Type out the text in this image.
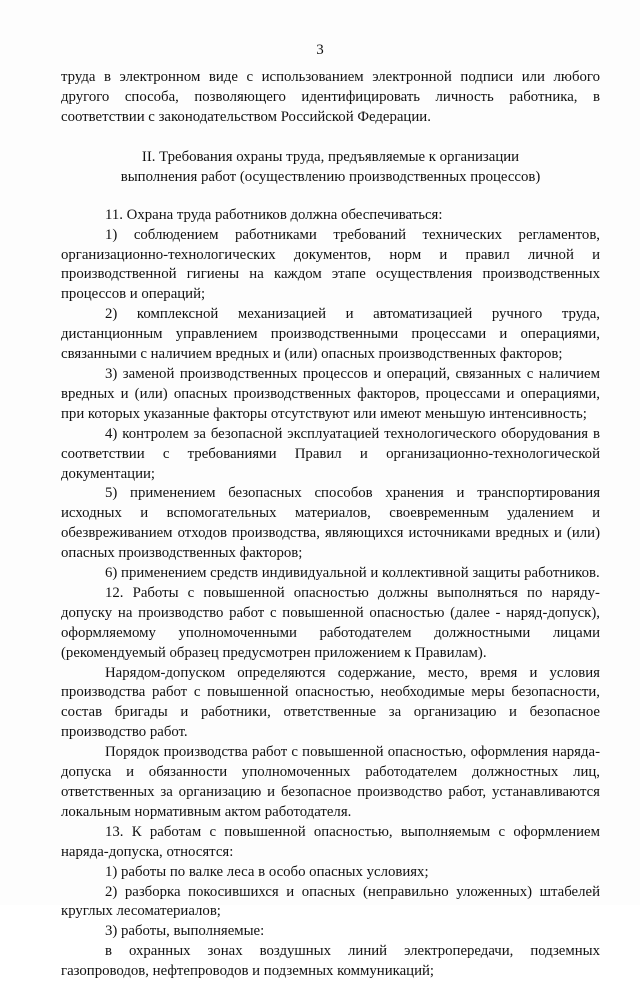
3

труда в электронном виде с использованием электронной подписи или любого другого способа, позволяющего идентифицировать личность работника, в соответствии с законодательством Российской Федерации.

II. Требования охраны труда, предъявляемые к организации
выполнения работ (осуществлению производственных процессов)

11. Охрана труда работников должна обеспечиваться:

1) соблюдением работниками требований технических регламентов, организационно-технологических документов, норм и правил личной и производственной гигиены на каждом этапе осуществления производственных процессов и операций;

2) комплексной механизацией и автоматизацией ручного труда, дистанционным управлением производственными процессами и операциями, связанными с наличием вредных и (или) опасных производственных факторов;

3) заменой производственных процессов и операций, связанных с наличием вредных и (или) опасных производственных факторов, процессами и операциями, при которых указанные факторы отсутствуют или имеют меньшую интенсивность;

4) контролем за безопасной эксплуатацией технологического оборудования в соответствии с требованиями Правил и организационно-технологической документации;

5) применением безопасных способов хранения и транспортирования исходных и вспомогательных материалов, своевременным удалением и обезвреживанием отходов производства, являющихся источниками вредных и (или) опасных производственных факторов;

6) применением средств индивидуальной и коллективной защиты работников.

12. Работы с повышенной опасностью должны выполняться по наряду-допуску на производство работ с повышенной опасностью (далее - наряд-допуск), оформляемому уполномоченными работодателем должностными лицами (рекомендуемый образец предусмотрен приложением к Правилам).

Нарядом-допуском определяются содержание, место, время и условия производства работ с повышенной опасностью, необходимые меры безопасности, состав бригады и работники, ответственные за организацию и безопасное производство работ.

Порядок производства работ с повышенной опасностью, оформления наряда-допуска и обязанности уполномоченных работодателем должностных лиц, ответственных за организацию и безопасное производство работ, устанавливаются локальным нормативным актом работодателя.

13. К работам с повышенной опасностью, выполняемым с оформлением наряда-допуска, относятся:

1) работы по валке леса в особо опасных условиях;

2) разборка покосившихся и опасных (неправильно уложенных) штабелей круглых лесоматериалов;

3) работы, выполняемые:

в охранных зонах воздушных линий электропередачи, подземных газопроводов, нефтепроводов и подземных коммуникаций;
